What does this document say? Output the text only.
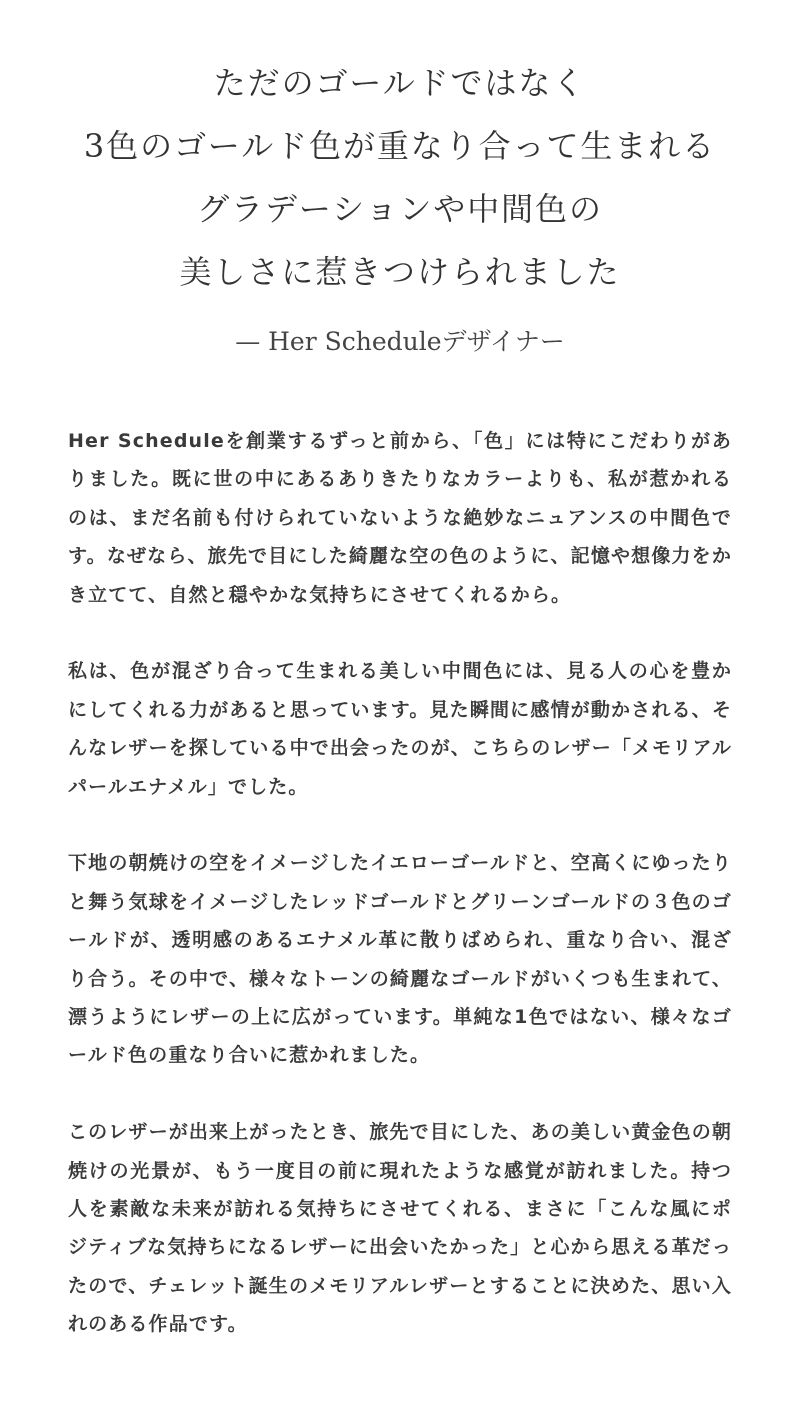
ただのゴールドではなく
3色のゴールド色が重なり合って生まれる
グラデーションや中間色の
美しさに惹きつけられました
— Her Scheduleデザイナー

Her Scheduleを創業するずっと前から、「色」には特にこだわりがありました。既に世の中にあるありきたりなカラーよりも、私が惹かれるのは、まだ名前も付けられていないような絶妙なニュアンスの中間色です。なぜなら、旅先で目にした綺麗な空の色のように、記憶や想像力をかき立てて、自然と穏やかな気持ちにさせてくれるから。

私は、色が混ざり合って生まれる美しい中間色には、見る人の心を豊かにしてくれる力があると思っています。見た瞬間に感情が動かされる、そんなレザーを探している中で出会ったのが、こちらのレザー「メモリアルパールエナメル」でした。

下地の朝焼けの空をイメージしたイエローゴールドと、空高くにゆったりと舞う気球をイメージしたレッドゴールドとグリーンゴールドの３色のゴールドが、透明感のあるエナメル革に散りばめられ、重なり合い、混ざり合う。その中で、様々なトーンの綺麗なゴールドがいくつも生まれて、漂うようにレザーの上に広がっています。単純な1色ではない、様々なゴールド色の重なり合いに惹かれました。

このレザーが出来上がったとき、旅先で目にした、あの美しい黄金色の朝焼けの光景が、もう一度目の前に現れたような感覚が訪れました。持つ人を素敵な未来が訪れる気持ちにさせてくれる、まさに「こんな風にポジティブな気持ちになるレザーに出会いたかった」と心から思える革だったので、チェレット誕生のメモリアルレザーとすることに決めた、思い入れのある作品です。
